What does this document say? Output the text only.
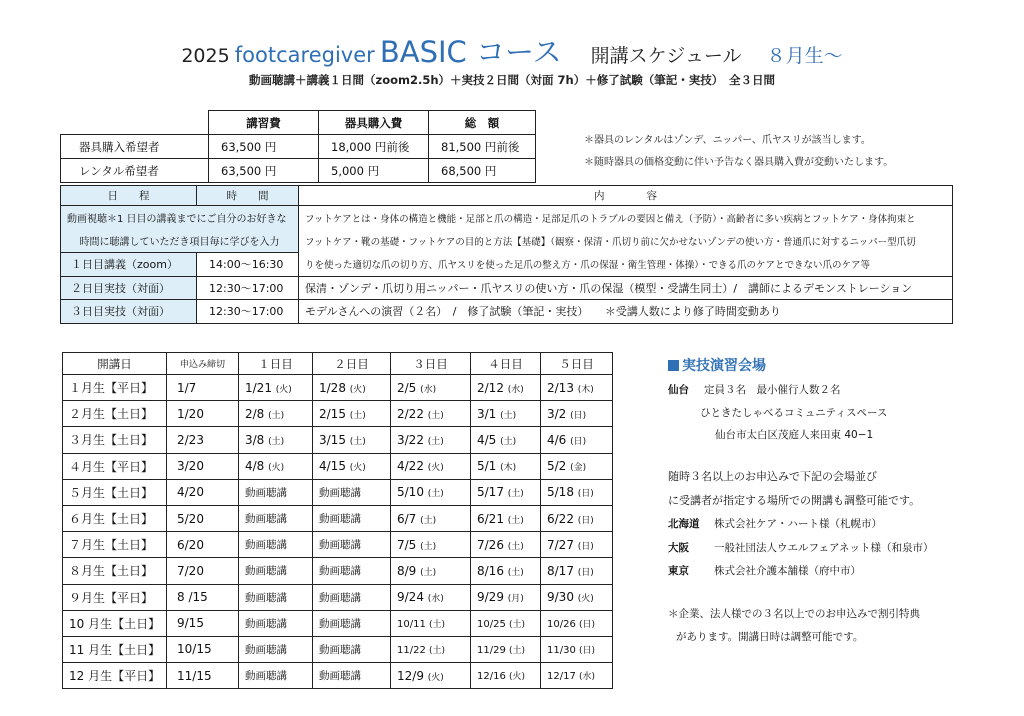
2025 footcaregiver BASIC コース 開講スケジュール ８月生〜
動画聴講＋講義１日間（zoom2.5h）＋実技２日間（対面 7h）＋修了試験（筆記・実技）　全３日間
	講習費	器具購入費	総　額
器具購入希望者	63,500 円	18,000 円前後	81,500 円前後
レンタル希望者	63,500 円	5,000 円	68,500 円
＊器具のレンタルはゾンデ、ニッパー、爪ヤスリが該当します。
＊随時器具の価格変動に伴い予告なく器具購入費が変動いたします。
日　　程	時　　間	内　　　　容
動画視聴＊1 日目の講義までにご自分のお好きな		フットケアとは・身体の構造と機能・足部と爪の構造・足部足爪のトラブルの要因と備え（予防）・高齢者に多い疾病とフットケア・身体拘束と
時間に聴講していただき項目毎に学びを入力		フットケア・靴の基礎・フットケアの目的と方法【基礎】（観察・保清・爪切り前に欠かせないゾンデの使い方・普通爪に対するニッパー型爪切
１日目講義（zoom）	14:00〜16:30	りを使った適切な爪の切り方、爪ヤスリを使った足爪の整え方・爪の保湿・衛生管理・体操）・できる爪のケアとできない爪のケア等
２日目実技（対面）	12:30〜17:00	保清・ゾンデ・爪切り用ニッパー・爪ヤスリの使い方・爪の保湿（模型・受講生同士）/　講師によるデモンストレーション
３日目実技（対面）	12:30〜17:00	モデルさんへの演習（２名）　/　修了試験（筆記・実技）　　＊受講人数により修了時間変動あり
開講日	申込み締切	１日目	２日目	３日目	４日目	５日目
１月生【平日】	1/7	1/21 (火)	1/28 (火)	2/5 (水)	2/12 (水)	2/13 (木)
２月生【土日】	1/20	2/8 (土)	2/15 (土)	2/22 (土)	3/1 (土)	3/2 (日)
３月生【土日】	2/23	3/8 (土)	3/15 (土)	3/22 (土)	4/5 (土)	4/6 (日)
４月生【平日】	3/20	4/8 (火)	4/15 (火)	4/22 (火)	5/1 (木)	5/2 (金)
５月生【土日】	4/20	動画聴講	動画聴講	5/10 (土)	5/17 (土)	5/18 (日)
６月生【土日】	5/20	動画聴講	動画聴講	6/7 (土)	6/21 (土)	6/22 (日)
７月生【土日】	6/20	動画聴講	動画聴講	7/5 (土)	7/26 (土)	7/27 (日)
８月生【土日】	7/20	動画聴講	動画聴講	8/9 (土)	8/16 (土)	8/17 (日)
９月生【平日】	8 /15	動画聴講	動画聴講	9/24 (水)	9/29 (月)	9/30 (火)
10 月生【土日】	9/15	動画聴講	動画聴講	10/11 (土)	10/25 (土)	10/26 (日)
11 月生【土日】	10/15	動画聴講	動画聴講	11/22 (土)	11/29 (土)	11/30 (日)
12 月生【平日】	11/15	動画聴講	動画聴講	12/9 (火)	12/16 (火)	12/17 (水)
実技演習会場
仙台 定員３名　最小催行人数２名
ひときたしゃべるコミュニティスペース
仙台市太白区茂庭人来田東 40−1
随時３名以上のお申込みで下記の会場並び
に受講者が指定する場所での開講も調整可能です。
北海道 株式会社ケア・ハート様（札幌市）
大阪 一般社団法人ウエルフェアネット様（和泉市）
東京 株式会社介護本舗様（府中市）
＊企業、法人様での３名以上でのお申込みで割引特典
があります。開講日時は調整可能です。
